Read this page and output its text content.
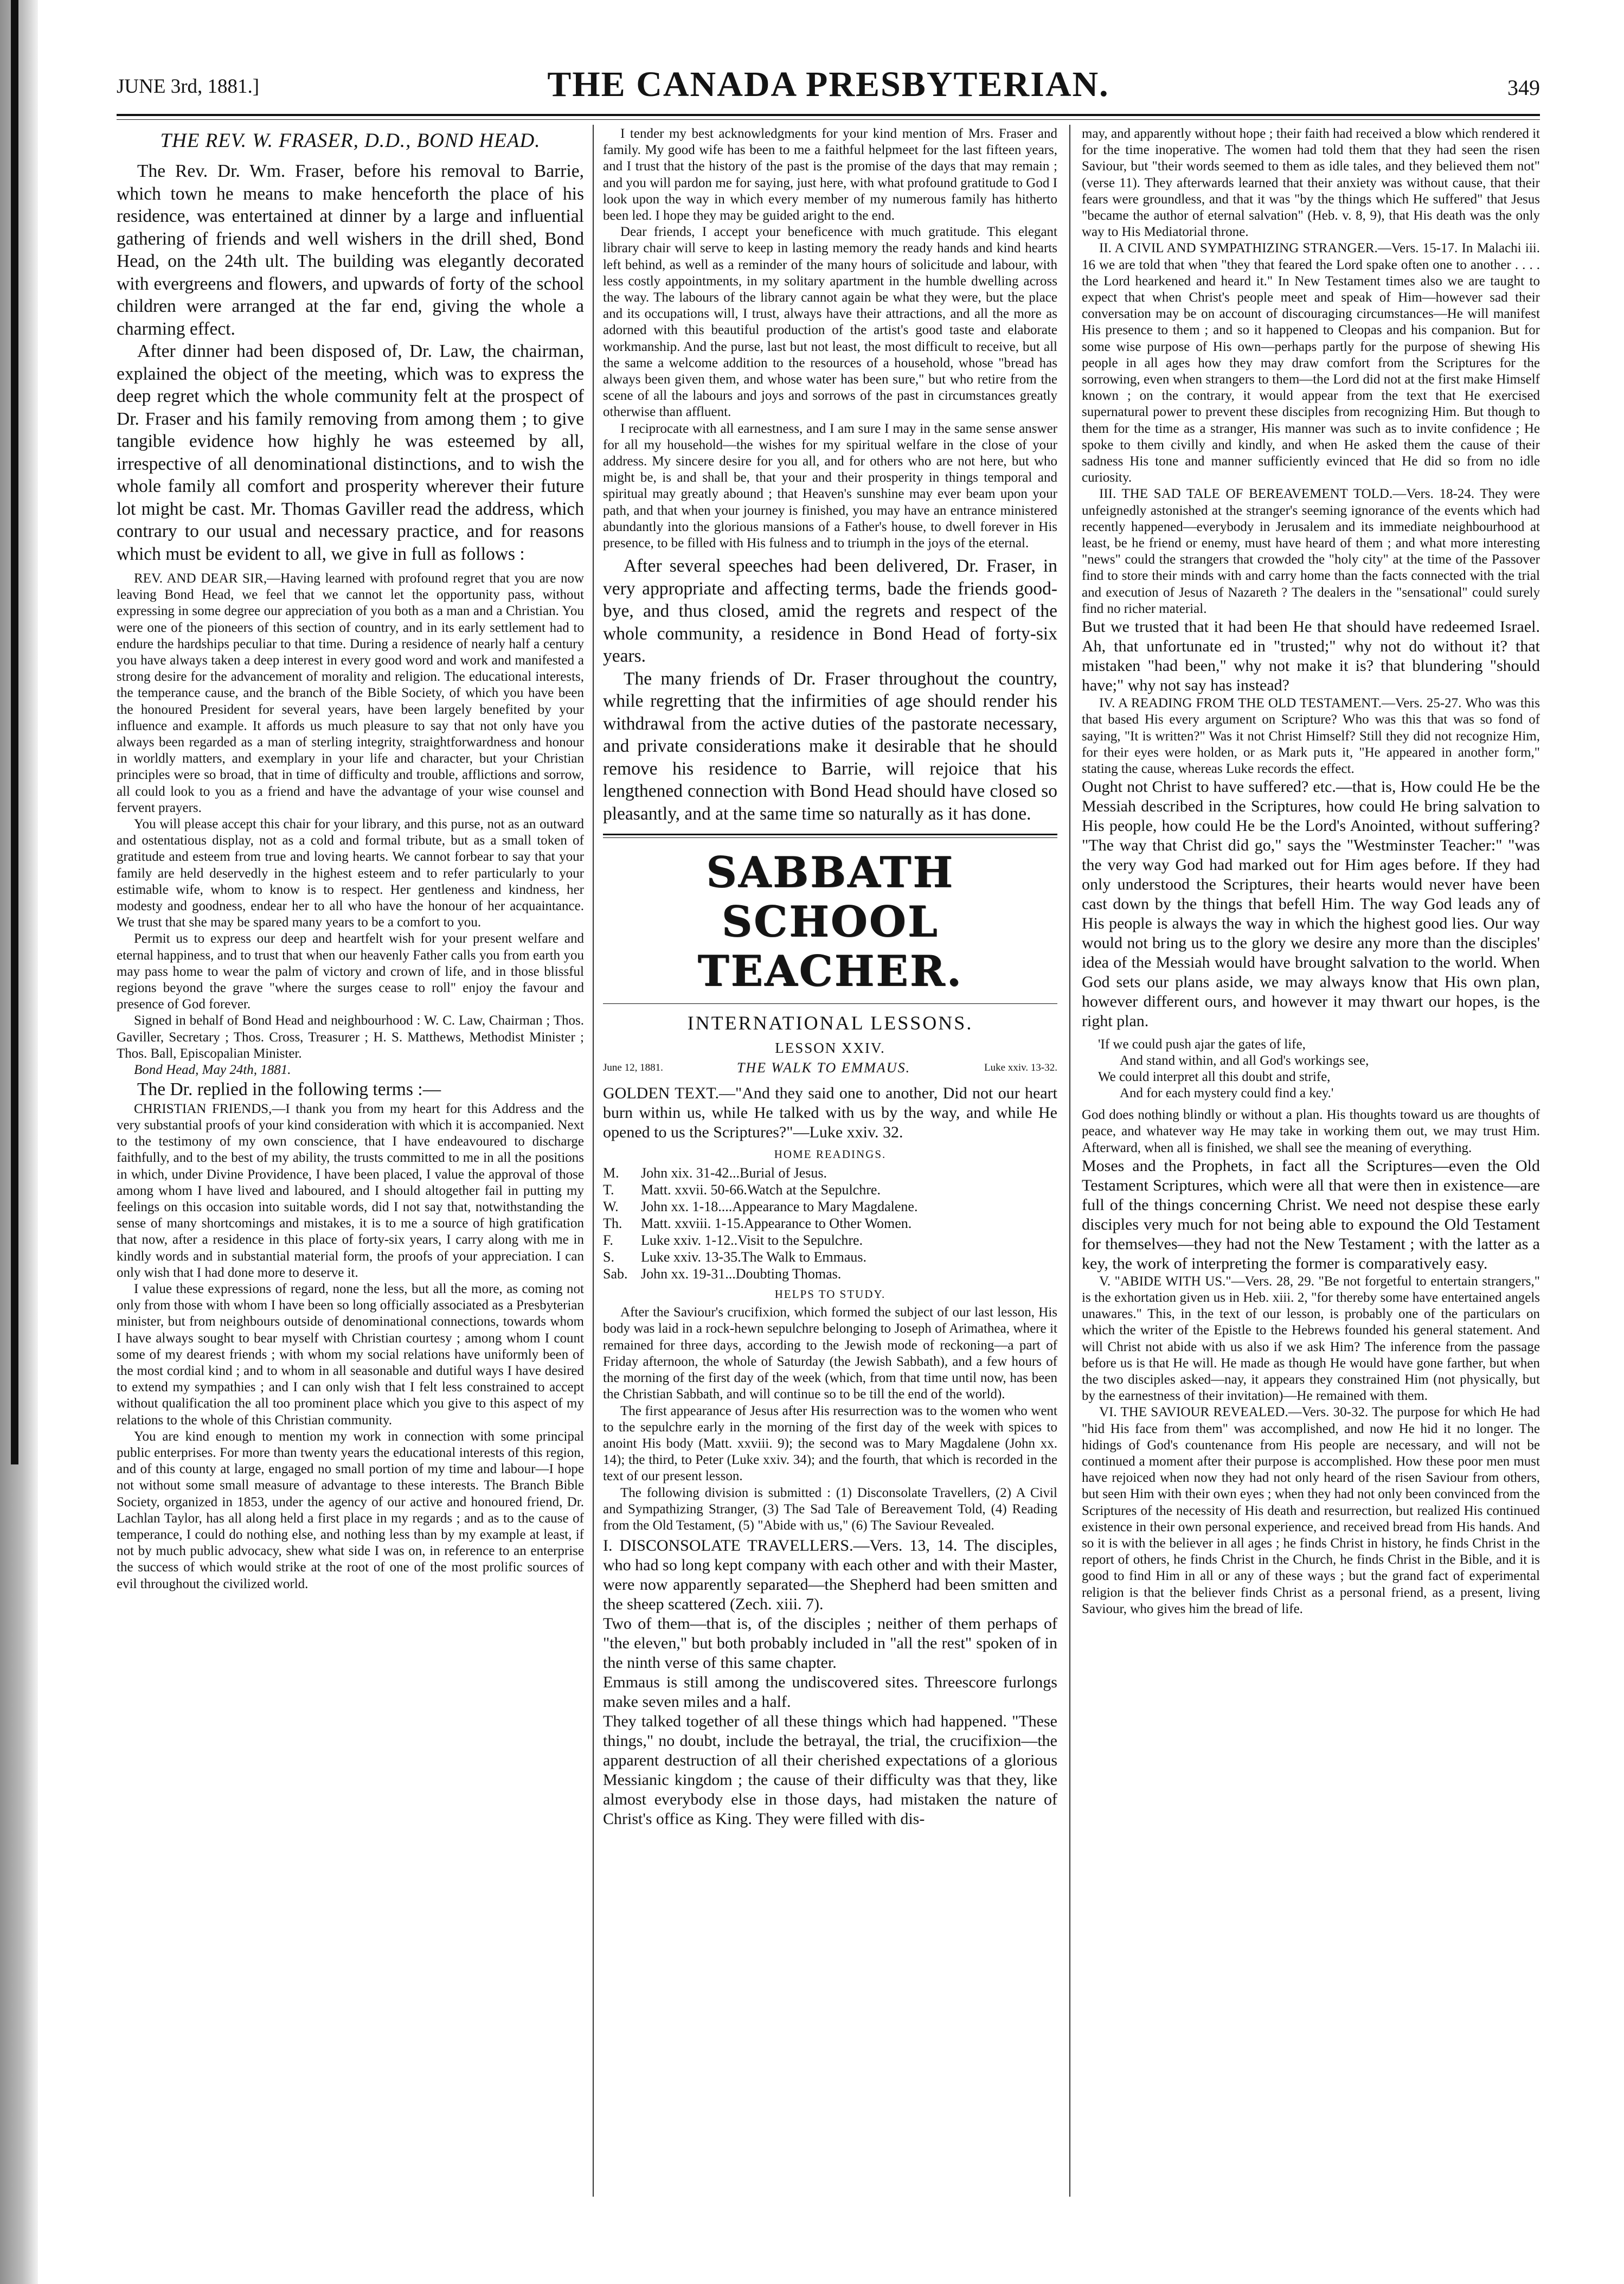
JUNE 3rd, 1881.]	THE CANADA PRESBYTERIAN.	349
THE REV. W. FRASER, D.D., BOND HEAD.

The Rev. Dr. Wm. Fraser, before his removal to Barrie, which town he means to make henceforth the place of his residence, was entertained at dinner by a large and influential gathering of friends and well wishers in the drill shed, Bond Head, on the 24th ult. The building was elegantly decorated with evergreens and flowers, and upwards of forty of the school children were arranged at the far end, giving the whole a charming effect.

After dinner had been disposed of, Dr. Law, the chairman, explained the object of the meeting, which was to express the deep regret which the whole community felt at the prospect of Dr. Fraser and his family removing from among them ; to give tangible evidence how highly he was esteemed by all, irrespective of all denominational distinctions, and to wish the whole family all comfort and prosperity wherever their future lot might be cast. Mr. Thomas Gaviller read the address, which contrary to our usual and necessary practice, and for reasons which must be evident to all, we give in full as follows :

REV. AND DEAR SIR,—Having learned with profound regret that you are now leaving Bond Head, we feel that we cannot let the opportunity pass, without expressing in some degree our appreciation of you both as a man and a Christian. You were one of the pioneers of this section of country, and in its early settlement had to endure the hardships peculiar to that time. During a residence of nearly half a century you have always taken a deep interest in every good word and work and manifested a strong desire for the advancement of morality and religion. The educational interests, the temperance cause, and the branch of the Bible Society, of which you have been the honoured President for several years, have been largely benefited by your influence and example. It affords us much pleasure to say that not only have you always been regarded as a man of sterling integrity, straightforwardness and honour in worldly matters, and exemplary in your life and character, but your Christian principles were so broad, that in time of difficulty and trouble, afflictions and sorrow, all could look to you as a friend and have the advantage of your wise counsel and fervent prayers.

You will please accept this chair for your library, and this purse, not as an outward and ostentatious display, not as a cold and formal tribute, but as a small token of gratitude and esteem from true and loving hearts. We cannot forbear to say that your family are held deservedly in the highest esteem and to refer particularly to your estimable wife, whom to know is to respect. Her gentleness and kindness, her modesty and goodness, endear her to all who have the honour of her acquaintance. We trust that she may be spared many years to be a comfort to you.

Permit us to express our deep and heartfelt wish for your present welfare and eternal happiness, and to trust that when our heavenly Father calls you from earth you may pass home to wear the palm of victory and crown of life, and in those blissful regions beyond the grave "where the surges cease to roll" enjoy the favour and presence of God forever.

Signed in behalf of Bond Head and neighbourhood : W. C. Law, Chairman ; Thos. Gaviller, Secretary ; Thos. Cross, Treasurer ; H. S. Matthews, Methodist Minister ; Thos. Ball, Episcopalian Minister.

Bond Head, May 24th, 1881.

The Dr. replied in the following terms :—

CHRISTIAN FRIENDS,—I thank you from my heart for this Address and the very substantial proofs of your kind consideration with which it is accompanied. Next to the testimony of my own conscience, that I have endeavoured to discharge faithfully, and to the best of my ability, the trusts committed to me in all the positions in which, under Divine Providence, I have been placed, I value the approval of those among whom I have lived and laboured, and I should altogether fail in putting my feelings on this occasion into suitable words, did I not say that, notwithstanding the sense of many shortcomings and mistakes, it is to me a source of high gratification that now, after a residence in this place of forty-six years, I carry along with me in kindly words and in substantial material form, the proofs of your appreciation. I can only wish that I had done more to deserve it.

I value these expressions of regard, none the less, but all the more, as coming not only from those with whom I have been so long officially associated as a Presbyterian minister, but from neighbours outside of denominational connections, towards whom I have always sought to bear myself with Christian courtesy ; among whom I count some of my dearest friends ; with whom my social relations have uniformly been of the most cordial kind ; and to whom in all seasonable and dutiful ways I have desired to extend my sympathies ; and I can only wish that I felt less constrained to accept without qualification the all too prominent place which you give to this aspect of my relations to the whole of this Christian community.

You are kind enough to mention my work in connection with some principal public enterprises. For more than twenty years the educational interests of this region, and of this county at large, engaged no small portion of my time and labour—I hope not without some small measure of advantage to these interests. The Branch Bible Society, organized in 1853, under the agency of our active and honoured friend, Dr. Lachlan Taylor, has all along held a first place in my regards ; and as to the cause of temperance, I could do nothing else, and nothing less than by my example at least, if not by much public advocacy, shew what side I was on, in reference to an enterprise the success of which would strike at the root of one of the most prolific sources of evil throughout the civilized world.

I tender my best acknowledgments for your kind mention of Mrs. Fraser and family. My good wife has been to me a faithful helpmeet for the last fifteen years, and I trust that the history of the past is the promise of the days that may remain ; and you will pardon me for saying, just here, with what profound gratitude to God I look upon the way in which every member of my numerous family has hitherto been led. I hope they may be guided aright to the end.

Dear friends, I accept your beneficence with much gratitude. This elegant library chair will serve to keep in lasting memory the ready hands and kind hearts left behind, as well as a reminder of the many hours of solicitude and labour, with less costly appointments, in my solitary apartment in the humble dwelling across the way. The labours of the library cannot again be what they were, but the place and its occupations will, I trust, always have their attractions, and all the more as adorned with this beautiful production of the artist's good taste and elaborate workmanship. And the purse, last but not least, the most difficult to receive, but all the same a welcome addition to the resources of a household, whose "bread has always been given them, and whose water has been sure," but who retire from the scene of all the labours and joys and sorrows of the past in circumstances greatly otherwise than affluent.

I reciprocate with all earnestness, and I am sure I may in the same sense answer for all my household—the wishes for my spiritual welfare in the close of your address. My sincere desire for you all, and for others who are not here, but who might be, is and shall be, that your and their prosperity in things temporal and spiritual may greatly abound ; that Heaven's sunshine may ever beam upon your path, and that when your journey is finished, you may have an entrance ministered abundantly into the glorious mansions of a Father's house, to dwell forever in His presence, to be filled with His fulness and to triumph in the joys of the eternal.

After several speeches had been delivered, Dr. Fraser, in very appropriate and affecting terms, bade the friends good-bye, and thus closed, amid the regrets and respect of the whole community, a residence in Bond Head of forty-six years.

The many friends of Dr. Fraser throughout the country, while regretting that the infirmities of age should render his withdrawal from the active duties of the pastorate necessary, and private considerations make it desirable that he should remove his residence to Barrie, will rejoice that his lengthened connection with Bond Head should have closed so pleasantly, and at the same time so naturally as it has done.

SABBATH SCHOOL TEACHER.
INTERNATIONAL LESSONS.
LESSON XXIV.
June 12, 1881.	THE WALK TO EMMAUS.	Luke xxiv. 13-32.

GOLDEN TEXT.—"And they said one to another, Did not our heart burn within us, while He talked with us by the way, and while He opened to us the Scriptures?"—Luke xxiv. 32.

HOME READINGS.
M.	John xix. 31-42...Burial of Jesus.
T.	Matt. xxvii. 50-66.Watch at the Sepulchre.
W.	John xx. 1-18....Appearance to Mary Magdalene.
Th.	Matt. xxviii. 1-15.Appearance to Other Women.
F.	Luke xxiv. 1-12..Visit to the Sepulchre.
S.	Luke xxiv. 13-35.The Walk to Emmaus.
Sab.	John xx. 19-31...Doubting Thomas.
HELPS TO STUDY.

After the Saviour's crucifixion, which formed the subject of our last lesson, His body was laid in a rock-hewn sepulchre belonging to Joseph of Arimathea, where it remained for three days, according to the Jewish mode of reckoning—a part of Friday afternoon, the whole of Saturday (the Jewish Sabbath), and a few hours of the morning of the first day of the week (which, from that time until now, has been the Christian Sabbath, and will continue so to be till the end of the world).

The first appearance of Jesus after His resurrection was to the women who went to the sepulchre early in the morning of the first day of the week with spices to anoint His body (Matt. xxviii. 9); the second was to Mary Magdalene (John xx. 14); the third, to Peter (Luke xxiv. 34); and the fourth, that which is recorded in the text of our present lesson.

The following division is submitted : (1) Disconsolate Travellers, (2) A Civil and Sympathizing Stranger, (3) The Sad Tale of Bereavement Told, (4) Reading from the Old Testament, (5) "Abide with us," (6) The Saviour Revealed.

I. DISCONSOLATE TRAVELLERS.—Vers. 13, 14. The disciples, who had so long kept company with each other and with their Master, were now apparently separated—the Shepherd had been smitten and the sheep scattered (Zech. xiii. 7).

Two of them—that is, of the disciples ; neither of them perhaps of "the eleven," but both probably included in "all the rest" spoken of in the ninth verse of this same chapter.

Emmaus is still among the undiscovered sites. Threescore furlongs make seven miles and a half.

They talked together of all these things which had happened. "These things," no doubt, include the betrayal, the trial, the crucifixion—the apparent destruction of all their cherished expectations of a glorious Messianic kingdom ; the cause of their difficulty was that they, like almost everybody else in those days, had mistaken the nature of Christ's office as King. They were filled with dis-

may, and apparently without hope ; their faith had received a blow which rendered it for the time inoperative. The women had told them that they had seen the risen Saviour, but "their words seemed to them as idle tales, and they believed them not" (verse 11). They afterwards learned that their anxiety was without cause, that their fears were groundless, and that it was "by the things which He suffered" that Jesus "became the author of eternal salvation" (Heb. v. 8, 9), that His death was the only way to His Mediatorial throne.

II. A CIVIL AND SYMPATHIZING STRANGER.—Vers. 15-17. In Malachi iii. 16 we are told that when "they that feared the Lord spake often one to another . . . . the Lord hearkened and heard it." In New Testament times also we are taught to expect that when Christ's people meet and speak of Him—however sad their conversation may be on account of discouraging circumstances—He will manifest His presence to them ; and so it happened to Cleopas and his companion. But for some wise purpose of His own—perhaps partly for the purpose of shewing His people in all ages how they may draw comfort from the Scriptures for the sorrowing, even when strangers to them—the Lord did not at the first make Himself known ; on the contrary, it would appear from the text that He exercised supernatural power to prevent these disciples from recognizing Him. But though to them for the time as a stranger, His manner was such as to invite confidence ; He spoke to them civilly and kindly, and when He asked them the cause of their sadness His tone and manner sufficiently evinced that He did so from no idle curiosity.

III. THE SAD TALE OF BEREAVEMENT TOLD.—Vers. 18-24. They were unfeignedly astonished at the stranger's seeming ignorance of the events which had recently happened—everybody in Jerusalem and its immediate neighbourhood at least, be he friend or enemy, must have heard of them ; and what more interesting "news" could the strangers that crowded the "holy city" at the time of the Passover find to store their minds with and carry home than the facts connected with the trial and execution of Jesus of Nazareth ? The dealers in the "sensational" could surely find no richer material.

But we trusted that it had been He that should have redeemed Israel. Ah, that unfortunate ed in "trusted;" why not do without it? that mistaken "had been," why not make it is? that blundering "should have;" why not say has instead?

IV. A READING FROM THE OLD TESTAMENT.—Vers. 25-27. Who was this that based His every argument on Scripture? Who was this that was so fond of saying, "It is written?" Was it not Christ Himself? Still they did not recognize Him, for their eyes were holden, or as Mark puts it, "He appeared in another form," stating the cause, whereas Luke records the effect.

Ought not Christ to have suffered? etc.—that is, How could He be the Messiah described in the Scriptures, how could He bring salvation to His people, how could He be the Lord's Anointed, without suffering? "The way that Christ did go," says the "Westminster Teacher:" "was the very way God had marked out for Him ages before. If they had only understood the Scriptures, their hearts would never have been cast down by the things that befell Him. The way God leads any of His people is always the way in which the highest good lies. Our way would not bring us to the glory we desire any more than the disciples' idea of the Messiah would have brought salvation to the world. When God sets our plans aside, we may always know that His own plan, however different ours, and however it may thwart our hopes, is the right plan.

'If we could push ajar the gates of life,
And stand within, and all God's workings see,
We could interpret all this doubt and strife,
And for each mystery could find a key.'

God does nothing blindly or without a plan. His thoughts toward us are thoughts of peace, and whatever way He may take in working them out, we may trust Him. Afterward, when all is finished, we shall see the meaning of everything.

Moses and the Prophets, in fact all the Scriptures—even the Old Testament Scriptures, which were all that were then in existence—are full of the things concerning Christ. We need not despise these early disciples very much for not being able to expound the Old Testament for themselves—they had not the New Testament ; with the latter as a key, the work of interpreting the former is comparatively easy.

V. "ABIDE WITH US."—Vers. 28, 29. "Be not forgetful to entertain strangers," is the exhortation given us in Heb. xiii. 2, "for thereby some have entertained angels unawares." This, in the text of our lesson, is probably one of the particulars on which the writer of the Epistle to the Hebrews founded his general statement. And will Christ not abide with us also if we ask Him? The inference from the passage before us is that He will. He made as though He would have gone farther, but when the two disciples asked—nay, it appears they constrained Him (not physically, but by the earnestness of their invitation)—He remained with them.

VI. THE SAVIOUR REVEALED.—Vers. 30-32. The purpose for which He had "hid His face from them" was accomplished, and now He hid it no longer. The hidings of God's countenance from His people are necessary, and will not be continued a moment after their purpose is accomplished. How these poor men must have rejoiced when now they had not only heard of the risen Saviour from others, but seen Him with their own eyes ; when they had not only been convinced from the Scriptures of the necessity of His death and resurrection, but realized His continued existence in their own personal experience, and received bread from His hands. And so it is with the believer in all ages ; he finds Christ in history, he finds Christ in the report of others, he finds Christ in the Church, he finds Christ in the Bible, and it is good to find Him in all or any of these ways ; but the grand fact of experimental religion is that the believer finds Christ as a personal friend, as a present, living Saviour, who gives him the bread of life.
